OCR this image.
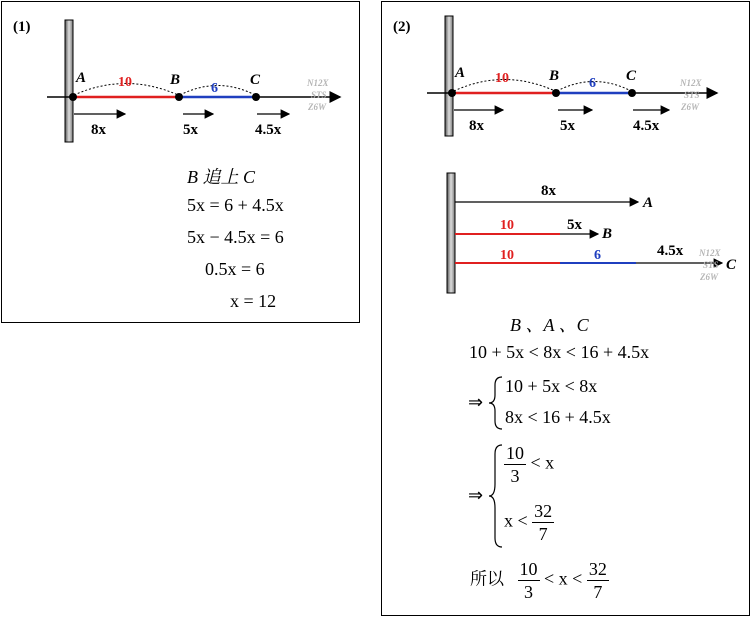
(1)
A	B	C
10	6
8x	5x	4.5x
N12X
STS
Z6W
B 追上 C
5x = 6 + 4.5x
5x − 4.5x = 6
0.5x = 6
x = 12
(2)
A	B	C
10	6
8x	5x	4.5x
N12X
STS
Z6W
8x
A
10	5x
B
10	6	4.5x
C
N12X
STS
Z6W
B 、A 、C
10 + 5x < 8x < 16 + 4.5x
⇒
10 + 5x < 8x
8x < 16 + 4.5x
⇒
$\frac{10}{3} < x$
$x < \frac{32}{7}$
所以 $\frac{10}{3} < x < \frac{32}{7}$
